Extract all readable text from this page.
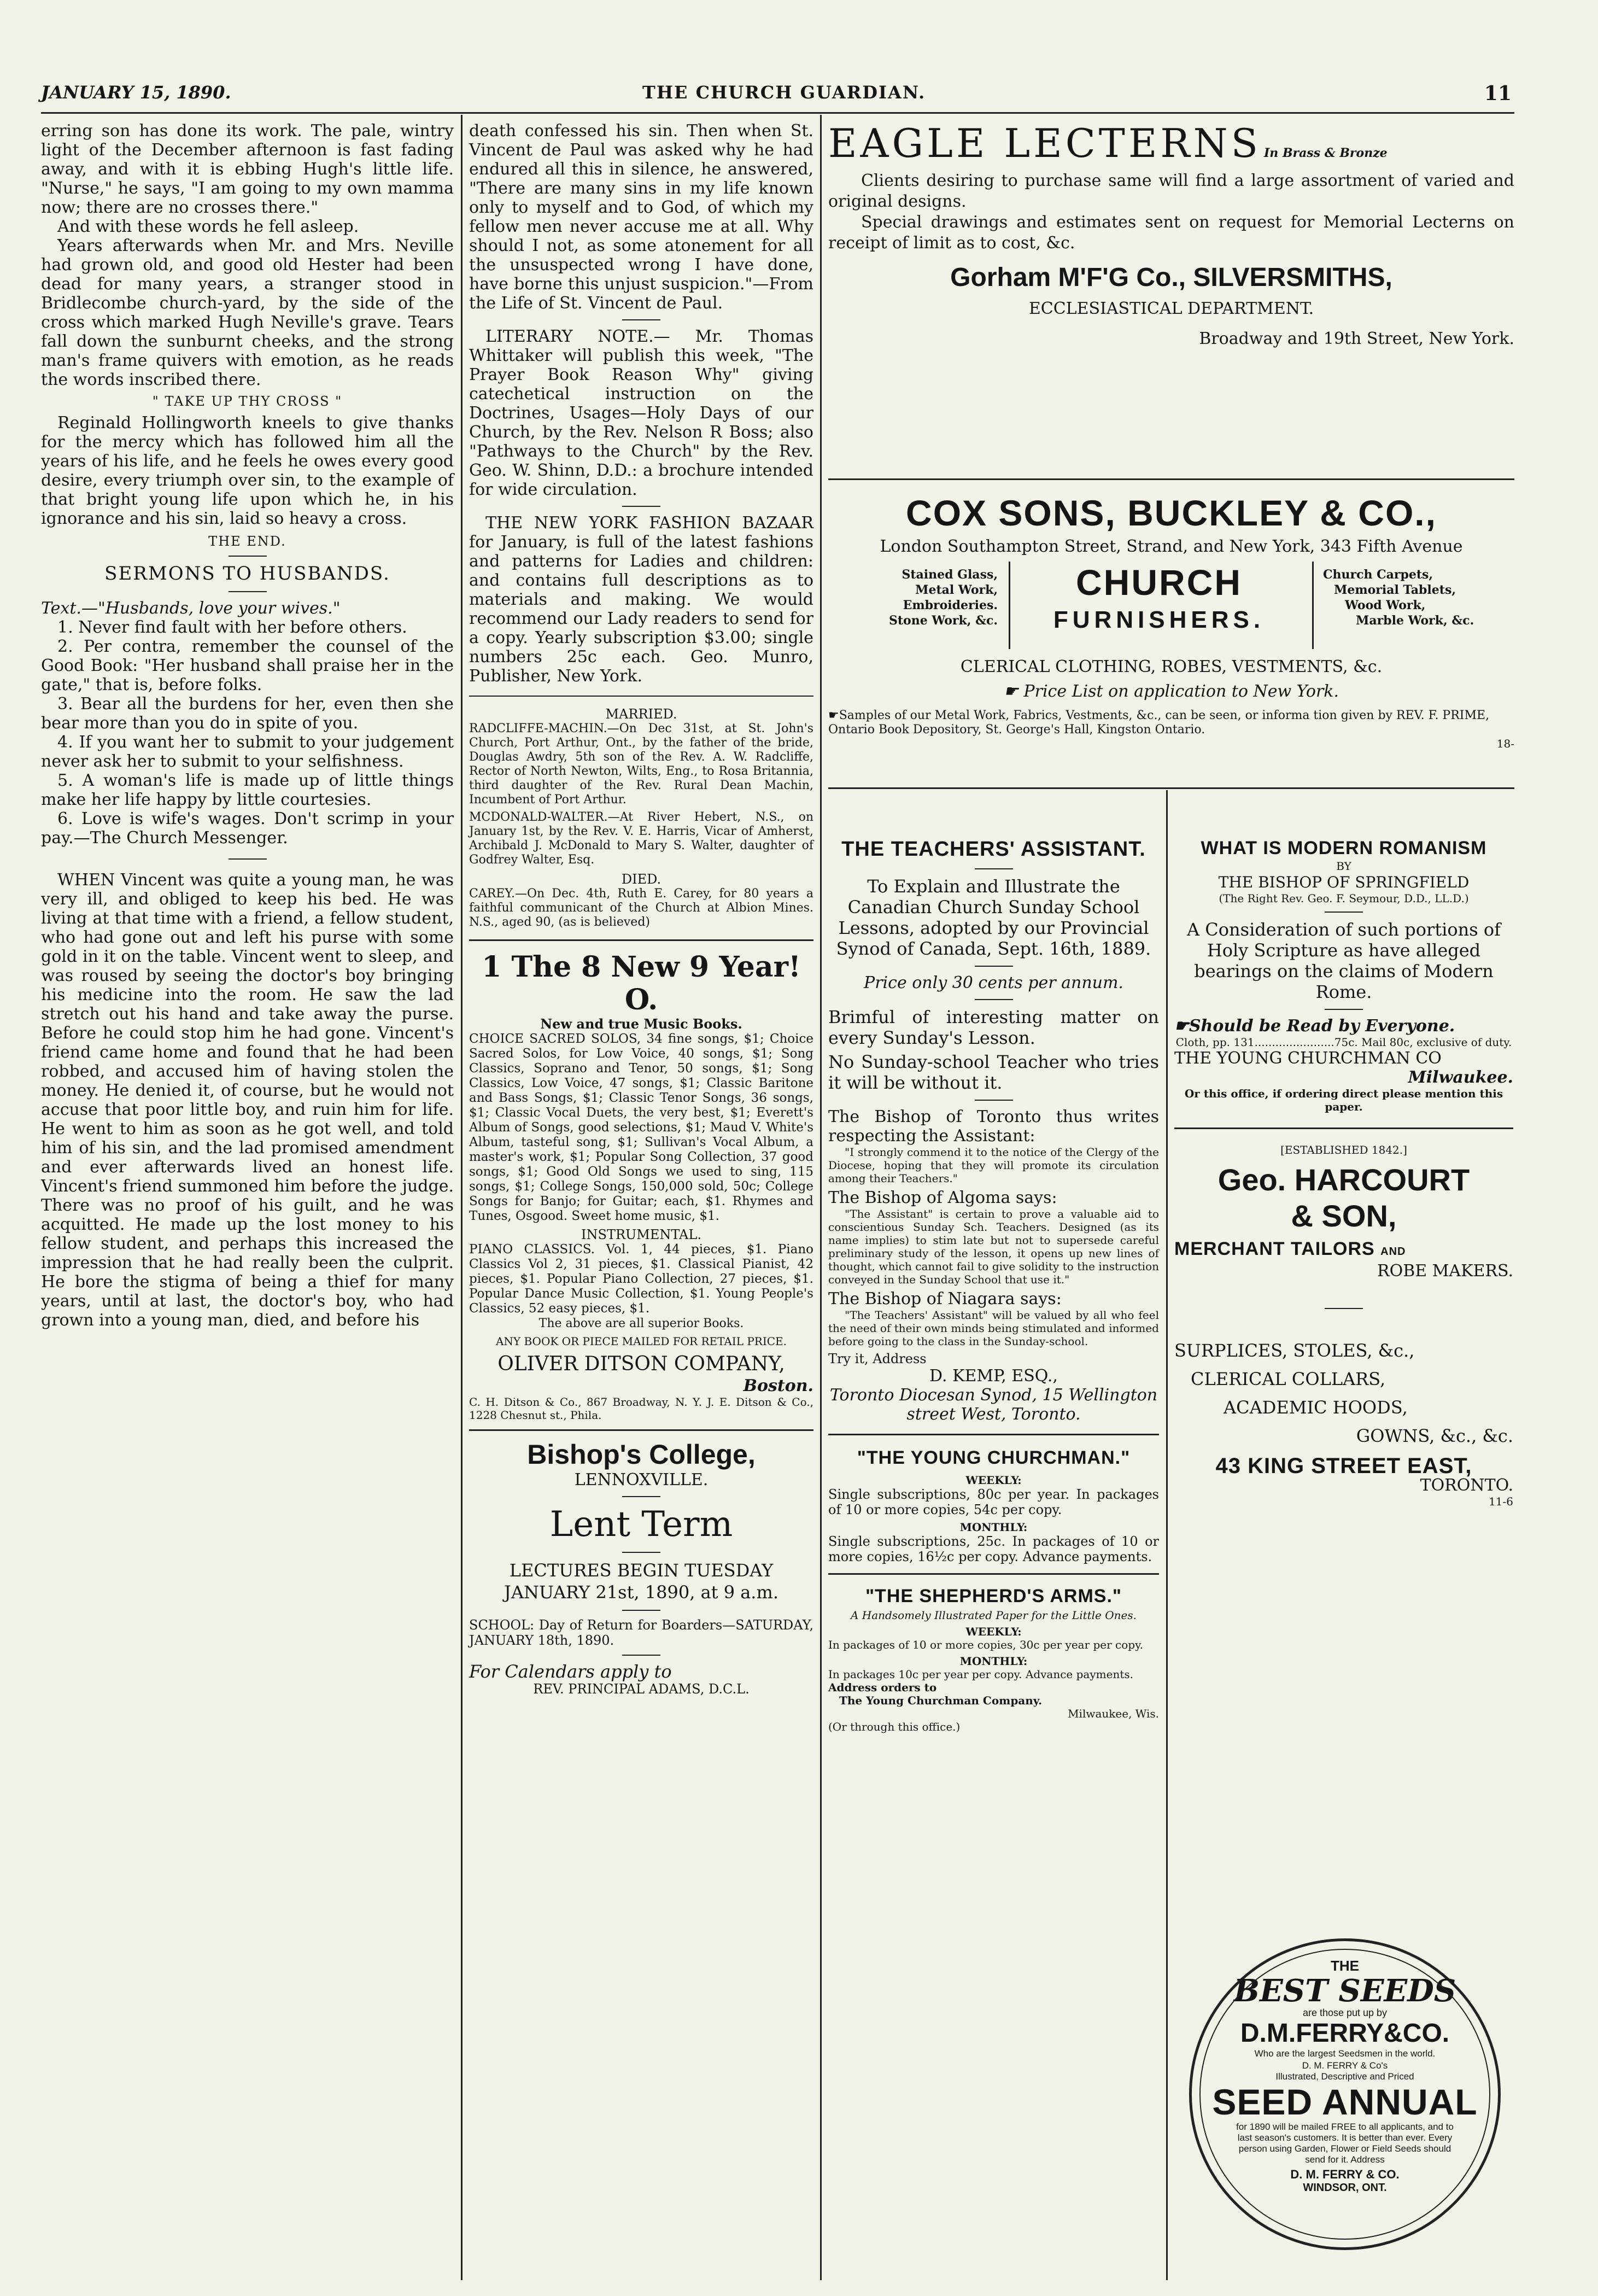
JANUARY 15, 1890.	THE CHURCH GUARDIAN.	11

erring son has done its work. The pale, wintry light of the December afternoon is fast fading away, and with it is ebbing Hugh's little life. "Nurse," he says, "I am going to my own mamma now; there are no crosses there."

And with these words he fell asleep.

Years afterwards when Mr. and Mrs. Neville had grown old, and good old Hester had been dead for many years, a stranger stood in Bridlecombe church-yard, by the side of the cross which marked Hugh Neville's grave. Tears fall down the sunburnt cheeks, and the strong man's frame quivers with emotion, as he reads the words inscribed there.

" TAKE UP THY CROSS "

Reginald Hollingworth kneels to give thanks for the mercy which has followed him all the years of his life, and he feels he owes every good desire, every triumph over sin, to the example of that bright young life upon which he, in his ignorance and his sin, laid so heavy a cross.

THE END.

SERMONS TO HUSBANDS.

Text.—"Husbands, love your wives."

1. Never find fault with her before others.

2. Per contra, remember the counsel of the Good Book: "Her husband shall praise her in the gate," that is, before folks.

3. Bear all the burdens for her, even then she bear more than you do in spite of you.

4. If you want her to submit to your judgement never ask her to submit to your selfishness.

5. A woman's life is made up of little things make her life happy by little courtesies.

6. Love is wife's wages. Don't scrimp in your pay.—The Church Messenger.

WHEN Vincent was quite a young man, he was very ill, and obliged to keep his bed. He was living at that time with a friend, a fellow student, who had gone out and left his purse with some gold in it on the table. Vincent went to sleep, and was roused by seeing the doctor's boy bringing his medicine into the room. He saw the lad stretch out his hand and take away the purse. Before he could stop him he had gone. Vincent's friend came home and found that he had been robbed, and accused him of having stolen the money. He denied it, of course, but he would not accuse that poor little boy, and ruin him for life. He went to him as soon as he got well, and told him of his sin, and the lad promised amendment and ever afterwards lived an honest life. Vincent's friend summoned him before the judge. There was no proof of his guilt, and he was acquitted. He made up the lost money to his fellow student, and perhaps this increased the impression that he had really been the culprit. He bore the stigma of being a thief for many years, until at last, the doctor's boy, who had grown into a young man, died, and before his

death confessed his sin. Then when St. Vincent de Paul was asked why he had endured all this in silence, he answered, "There are many sins in my life known only to myself and to God, of which my fellow men never accuse me at all. Why should I not, as some atonement for all the unsuspected wrong I have done, have borne this unjust suspicion."—From the Life of St. Vincent de Paul.

LITERARY NOTE.— Mr. Thomas Whittaker will publish this week, "The Prayer Book Reason Why" giving catechetical instruction on the Doctrines, Usages—Holy Days of our Church, by the Rev. Nelson R Boss; also "Pathways to the Church" by the Rev. Geo. W. Shinn, D.D.: a brochure intended for wide circulation.

THE NEW YORK FASHION BAZAAR for January, is full of the latest fashions and patterns for Ladies and children: and contains full descriptions as to materials and making. We would recommend our Lady readers to send for a copy. Yearly subscription $3.00; single numbers 25c each. Geo. Munro, Publisher, New York.

MARRIED.

RADCLIFFE-MACHIN.—On Dec 31st, at St. John's Church, Port Arthur, Ont., by the father of the bride, Douglas Awdry, 5th son of the Rev. A. W. Radcliffe, Rector of North Newton, Wilts, Eng., to Rosa Britannia, third daughter of the Rev. Rural Dean Machin, Incumbent of Port Arthur.

MCDONALD-WALTER.—At River Hebert, N.S., on January 1st, by the Rev. V. E. Harris, Vicar of Amherst, Archibald J. McDonald to Mary S. Walter, daughter of Godfrey Walter, Esq.

DIED.

CAREY.—On Dec. 4th, Ruth E. Carey, for 80 years a faithful communicant of the Church at Albion Mines. N.S., aged 90, (as is believed)

1 The 8 New 9 Year! O.

New and true Music Books.

CHOICE SACRED SOLOS, 34 fine songs, $1; Choice Sacred Solos, for Low Voice, 40 songs, $1; Song Classics, Soprano and Tenor, 50 songs, $1; Song Classics, Low Voice, 47 songs, $1; Classic Baritone and Bass Songs, $1; Classic Tenor Songs, 36 songs, $1; Classic Vocal Duets, the very best, $1; Everett's Album of Songs, good selections, $1; Maud V. White's Album, tasteful song, $1; Sullivan's Vocal Album, a master's work, $1; Popular Song Collection, 37 good songs, $1; Good Old Songs we used to sing, 115 songs, $1; College Songs, 150,000 sold, 50c; College Songs for Banjo; for Guitar; each, $1. Rhymes and Tunes, Osgood. Sweet home music, $1.

INSTRUMENTAL.

PIANO CLASSICS. Vol. 1, 44 pieces, $1. Piano Classics Vol 2, 31 pieces, $1. Classical Pianist, 42 pieces, $1. Popular Piano Collection, 27 pieces, $1. Popular Dance Music Collection, $1. Young People's Classics, 52 easy pieces, $1.

The above are all superior Books.

ANY BOOK OR PIECE MAILED FOR RETAIL PRICE.

OLIVER DITSON COMPANY,

Boston.

C. H. Ditson & Co., 867 Broadway, N. Y. J. E. Ditson & Co., 1228 Chesnut st., Phila.

Bishop's College,

LENNOXVILLE.

Lent Term

LECTURES BEGIN TUESDAY JANUARY 21st, 1890, at 9 a.m.

SCHOOL: Day of Return for Boarders—SATURDAY, JANUARY 18th, 1890.

For Calendars apply to

REV. PRINCIPAL ADAMS, D.C.L.

EAGLE LECTERNS In Brass & Bronze

Clients desiring to purchase same will find a large assortment of varied and original designs.

Special drawings and estimates sent on request for Memorial Lecterns on receipt of limit as to cost, &c.

Gorham M'F'G Co., SILVERSMITHS,

ECCLESIASTICAL DEPARTMENT.

Broadway and 19th Street, New York.

COX SONS, BUCKLEY & CO.,

London Southampton Street, Strand, and New York, 343 Fifth Avenue

Stained Glass,
Metal Work,
Embroideries.
Stone Work, &c.
CHURCH
FURNISHERS.
Church Carpets,
Memorial Tablets,
Wood Work,
Marble Work, &c.

CLERICAL CLOTHING, ROBES, VESTMENTS, &c.

☛ Price List on application to New York.

☛Samples of our Metal Work, Fabrics, Vestments, &c., can be seen, or informa tion given by REV. F. PRIME, Ontario Book Depository, St. George's Hall, Kingston Ontario.

18-

THE TEACHERS' ASSISTANT.

To Explain and Illustrate the Canadian Church Sunday School Lessons, adopted by our Provincial Synod of Canada, Sept. 16th, 1889.

Price only 30 cents per annum.

Brimful of interesting matter on every Sunday's Lesson.

No Sunday-school Teacher who tries it will be without it.

The Bishop of Toronto thus writes respecting the Assistant:

"I strongly commend it to the notice of the Clergy of the Diocese, hoping that they will promote its circulation among their Teachers."

The Bishop of Algoma says:

"The Assistant" is certain to prove a valuable aid to conscientious Sunday Sch. Teachers. Designed (as its name implies) to stim late but not to supersede careful preliminary study of the lesson, it opens up new lines of thought, which cannot fail to give solidity to the instruction conveyed in the Sunday School that use it."

The Bishop of Niagara says:

"The Teachers' Assistant" will be valued by all who feel the need of their own minds being stimulated and informed before going to the class in the Sunday-school.

Try it, Address

D. KEMP, ESQ.,

Toronto Diocesan Synod, 15 Wellington street West, Toronto.

"THE YOUNG CHURCHMAN."

WEEKLY:

Single subscriptions, 80c per year. In packages of 10 or more copies, 54c per copy.

MONTHLY:

Single subscriptions, 25c. In packages of 10 or more copies, 16½c per copy. Advance payments.

"THE SHEPHERD'S ARMS."

A Handsomely Illustrated Paper for the Little Ones.

WEEKLY:

In packages of 10 or more copies, 30c per year per copy.

MONTHLY:

In packages 10c per year per copy. Advance payments.

Address orders to

The Young Churchman Company.

Milwaukee, Wis.

(Or through this office.)

WHAT IS MODERN ROMANISM

BY

THE BISHOP OF SPRINGFIELD

(The Right Rev. Geo. F. Seymour, D.D., LL.D.)

A Consideration of such portions of Holy Scripture as have alleged bearings on the claims of Modern Rome.

☛Should be Read by Everyone.

Cloth, pp. 131.......................75c. Mail 80c, exclusive of duty.

THE YOUNG CHURCHMAN CO

Milwaukee.

Or this office, if ordering direct please mention this paper.

[ESTABLISHED 1842.]

Geo. HARCOURT

& SON,

MERCHANT TAILORS AND

ROBE MAKERS.

SURPLICES, STOLES, &c.,

CLERICAL COLLARS,

ACADEMIC HOODS,

GOWNS, &c., &c.

43 KING STREET EAST,

TORONTO.

11-6

THE
BEST SEEDS
are those put up by
D.M.FERRY&CO.
Who are the largest Seedsmen in the world.
D. M. FERRY & Co's
Illustrated, Descriptive and Priced
SEED ANNUAL
for 1890 will be mailed FREE to all applicants, and to last season's customers. It is better than ever. Every person using Garden, Flower or Field Seeds should send for it. Address
D. M. FERRY & CO.
WINDSOR, ONT.
